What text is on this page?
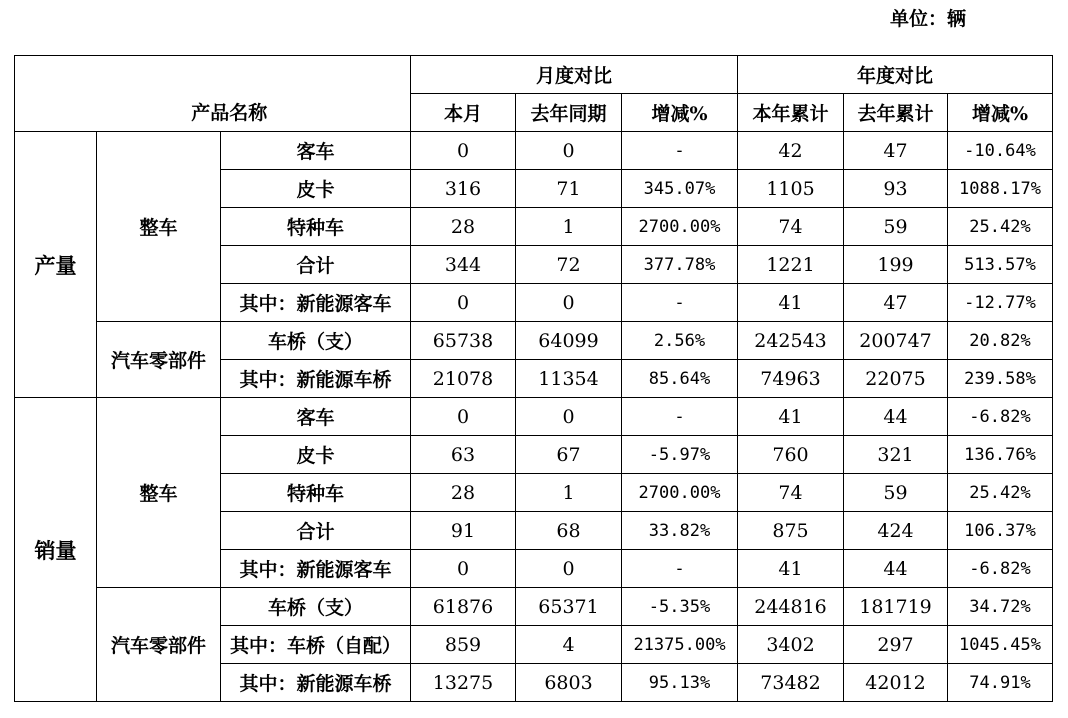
单位：辆
		产品名称	月度对比			年度对比		
			本月	去年同期	增减%	本年累计	去年累计	增减%
产量	整车	客车	0	0	-	42	47	-10.64%
		皮卡	316	71	345.07%	1105	93	1088.17%
		特种车	28	1	2700.00%	74	59	25.42%
		合计	344	72	377.78%	1221	199	513.57%
		其中：新能源客车	0	0	-	41	47	-12.77%
	汽车零部件	车桥（支）	65738	64099	2.56%	242543	200747	20.82%
		其中：新能源车桥	21078	11354	85.64%	74963	22075	239.58%
销量	整车	客车	0	0	-	41	44	-6.82%
		皮卡	63	67	-5.97%	760	321	136.76%
		特种车	28	1	2700.00%	74	59	25.42%
		合计	91	68	33.82%	875	424	106.37%
		其中：新能源客车	0	0	-	41	44	-6.82%
	汽车零部件	车桥（支）	61876	65371	-5.35%	244816	181719	34.72%
		其中：车桥（自配）	859	4	21375.00%	3402	297	1045.45%
		其中：新能源车桥	13275	6803	95.13%	73482	42012	74.91%
